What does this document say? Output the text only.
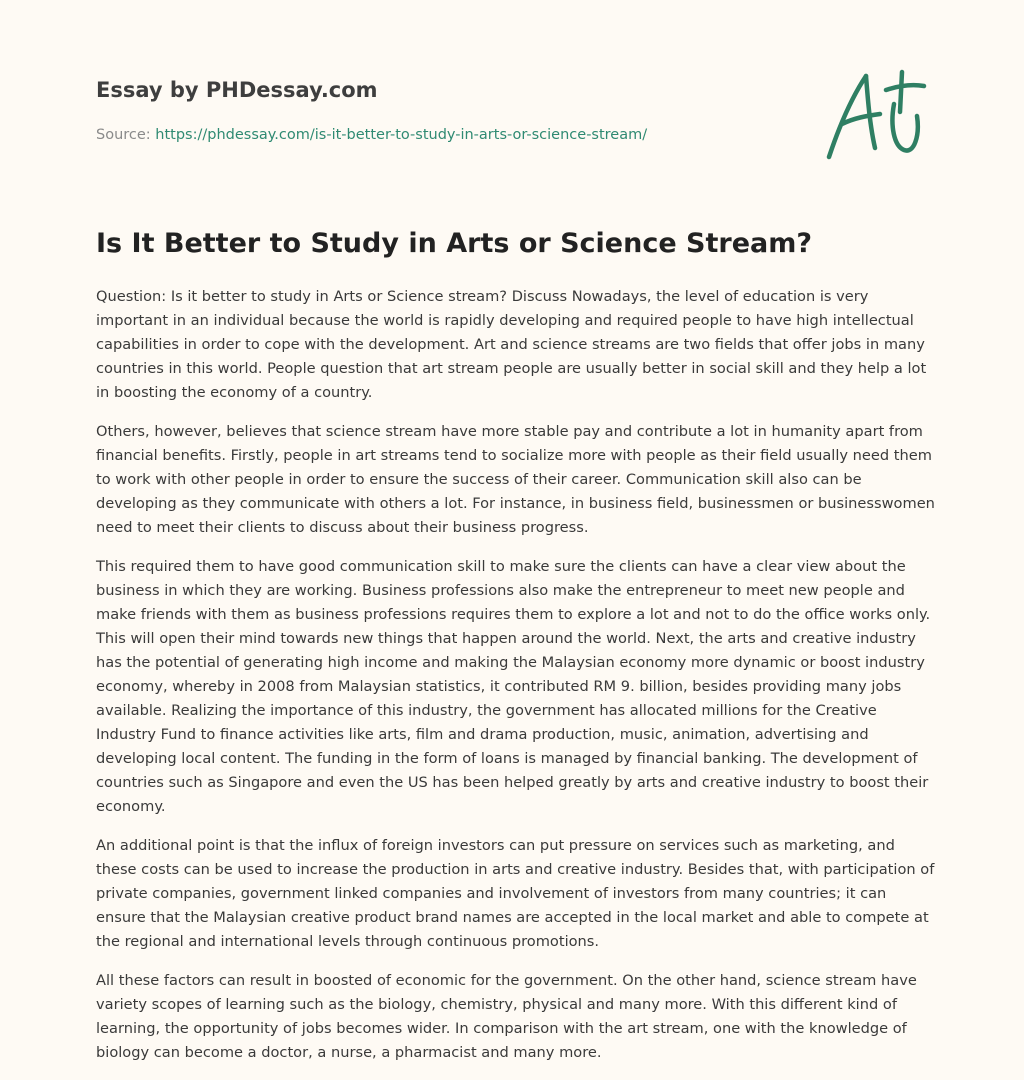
Essay by PHDessay.com
Source: https://phdessay.com/is-it-better-to-study-in-arts-or-science-stream/
Is It Better to Study in Arts or Science Stream?

Question: Is it better to study in Arts or Science stream? Discuss Nowadays, the level of education is very important in an individual because the world is rapidly developing and required people to have high intellectual capabilities in order to cope with the development. Art and science streams are two fields that offer jobs in many countries in this world. People question that art stream people are usually better in social skill and they help a lot in boosting the economy of a country.

Others, however, believes that science stream have more stable pay and contribute a lot in humanity apart from financial benefits. Firstly, people in art streams tend to socialize more with people as their field usually need them to work with other people in order to ensure the success of their career. Communication skill also can be developing as they communicate with others a lot. For instance, in business field, businessmen or businesswomen need to meet their clients to discuss about their business progress.

This required them to have good communication skill to make sure the clients can have a clear view about the business in which they are working. Business professions also make the entrepreneur to meet new people and make friends with them as business professions requires them to explore a lot and not to do the office works only. This will open their mind towards new things that happen around the world. Next, the arts and creative industry has the potential of generating high income and making the Malaysian economy more dynamic or boost industry economy, whereby in 2008 from Malaysian statistics, it contributed RM 9. billion, besides providing many jobs available. Realizing the importance of this industry, the government has allocated millions for the Creative Industry Fund to finance activities like arts, film and drama production, music, animation, advertising and developing local content. The funding in the form of loans is managed by financial banking. The development of countries such as Singapore and even the US has been helped greatly by arts and creative industry to boost their economy.

An additional point is that the influx of foreign investors can put pressure on services such as marketing, and these costs can be used to increase the production in arts and creative industry. Besides that, with participation of private companies, government linked companies and involvement of investors from many countries; it can ensure that the Malaysian creative product brand names are accepted in the local market and able to compete at the regional and international levels through continuous promotions.

All these factors can result in boosted of economic for the government. On the other hand, science stream have variety scopes of learning such as the biology, chemistry, physical and many more. With this different kind of learning, the opportunity of jobs becomes wider. In comparison with the art stream, one with the knowledge of biology can become a doctor, a nurse, a pharmacist and many more.
